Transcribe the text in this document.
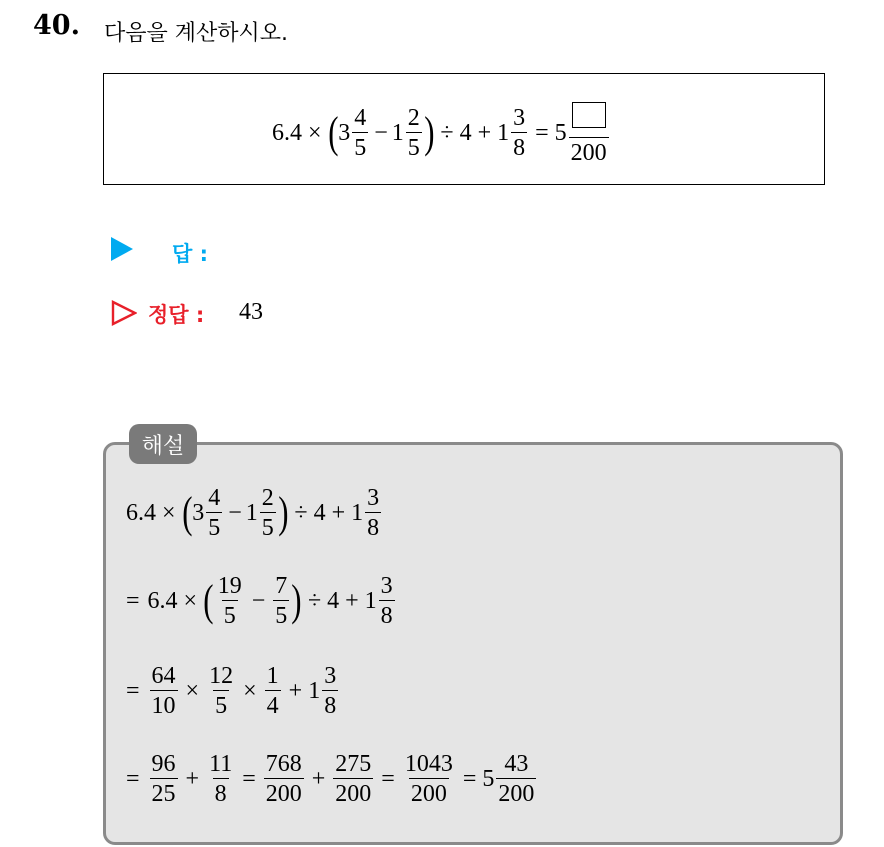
40. 다음을 계산하시오.
6.4 × ( $3 \frac{4}{5} - 1 \frac{2}{5}$ ) ÷ $4 + 1 \frac{3}{8} = 5$
200
답 :
정답 : 43
해설
6.4 × ( $3 \frac{4}{5} - 1 \frac{2}{5}$ ) ÷ $4 + 1 \frac{3}{8}$
= 6.4 × ( $\frac{19}{5} - \frac{7}{5}$ ) ÷ $4 + 1 \frac{3}{8}$
= $\frac{64}{10} \times \frac{12}{5} \times \frac{1}{4} + 1 \frac{3}{8}$
= $\frac{96}{25} + \frac{11}{8} = \frac{768}{200} + \frac{275}{200} = \frac{1043}{200} = 5 \frac{43}{200}$
